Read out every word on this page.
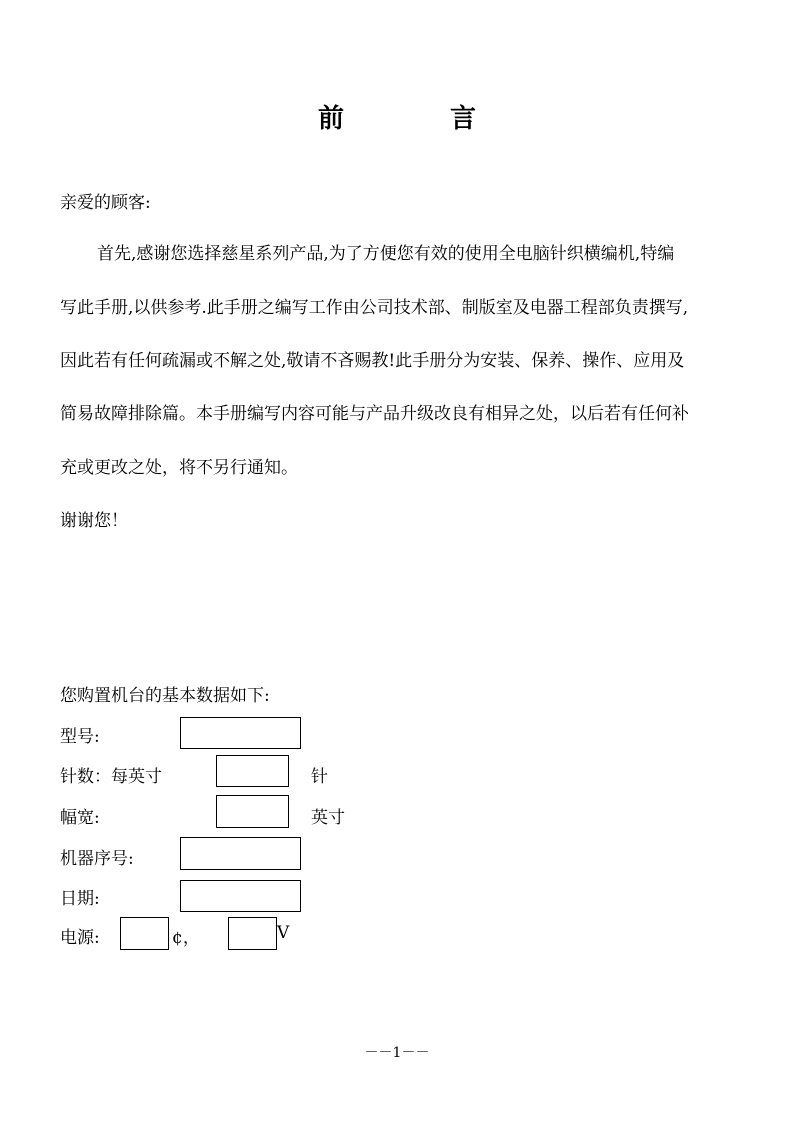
前　言
亲爱的顾客:
首先,感谢您选择慈星系列产品,为了方便您有效的使用全电脑针织横编机,特编
写此手册,以供参考.此手册之编写工作由公司技术部、制版室及电器工程部负责撰写,
因此若有任何疏漏或不解之处,敬请不吝赐教!此手册分为安装、保养、操作、应用及
简易故障排除篇。本手册编写内容可能与产品升级改良有相异之处，以后若有任何补
充或更改之处，将不另行通知。
谢谢您！
您购置机台的基本数据如下:
型号:
针数：每英寸	针
幅宽:	英寸
机器序号:
日期:
电源:	¢，	V
－－1－－
